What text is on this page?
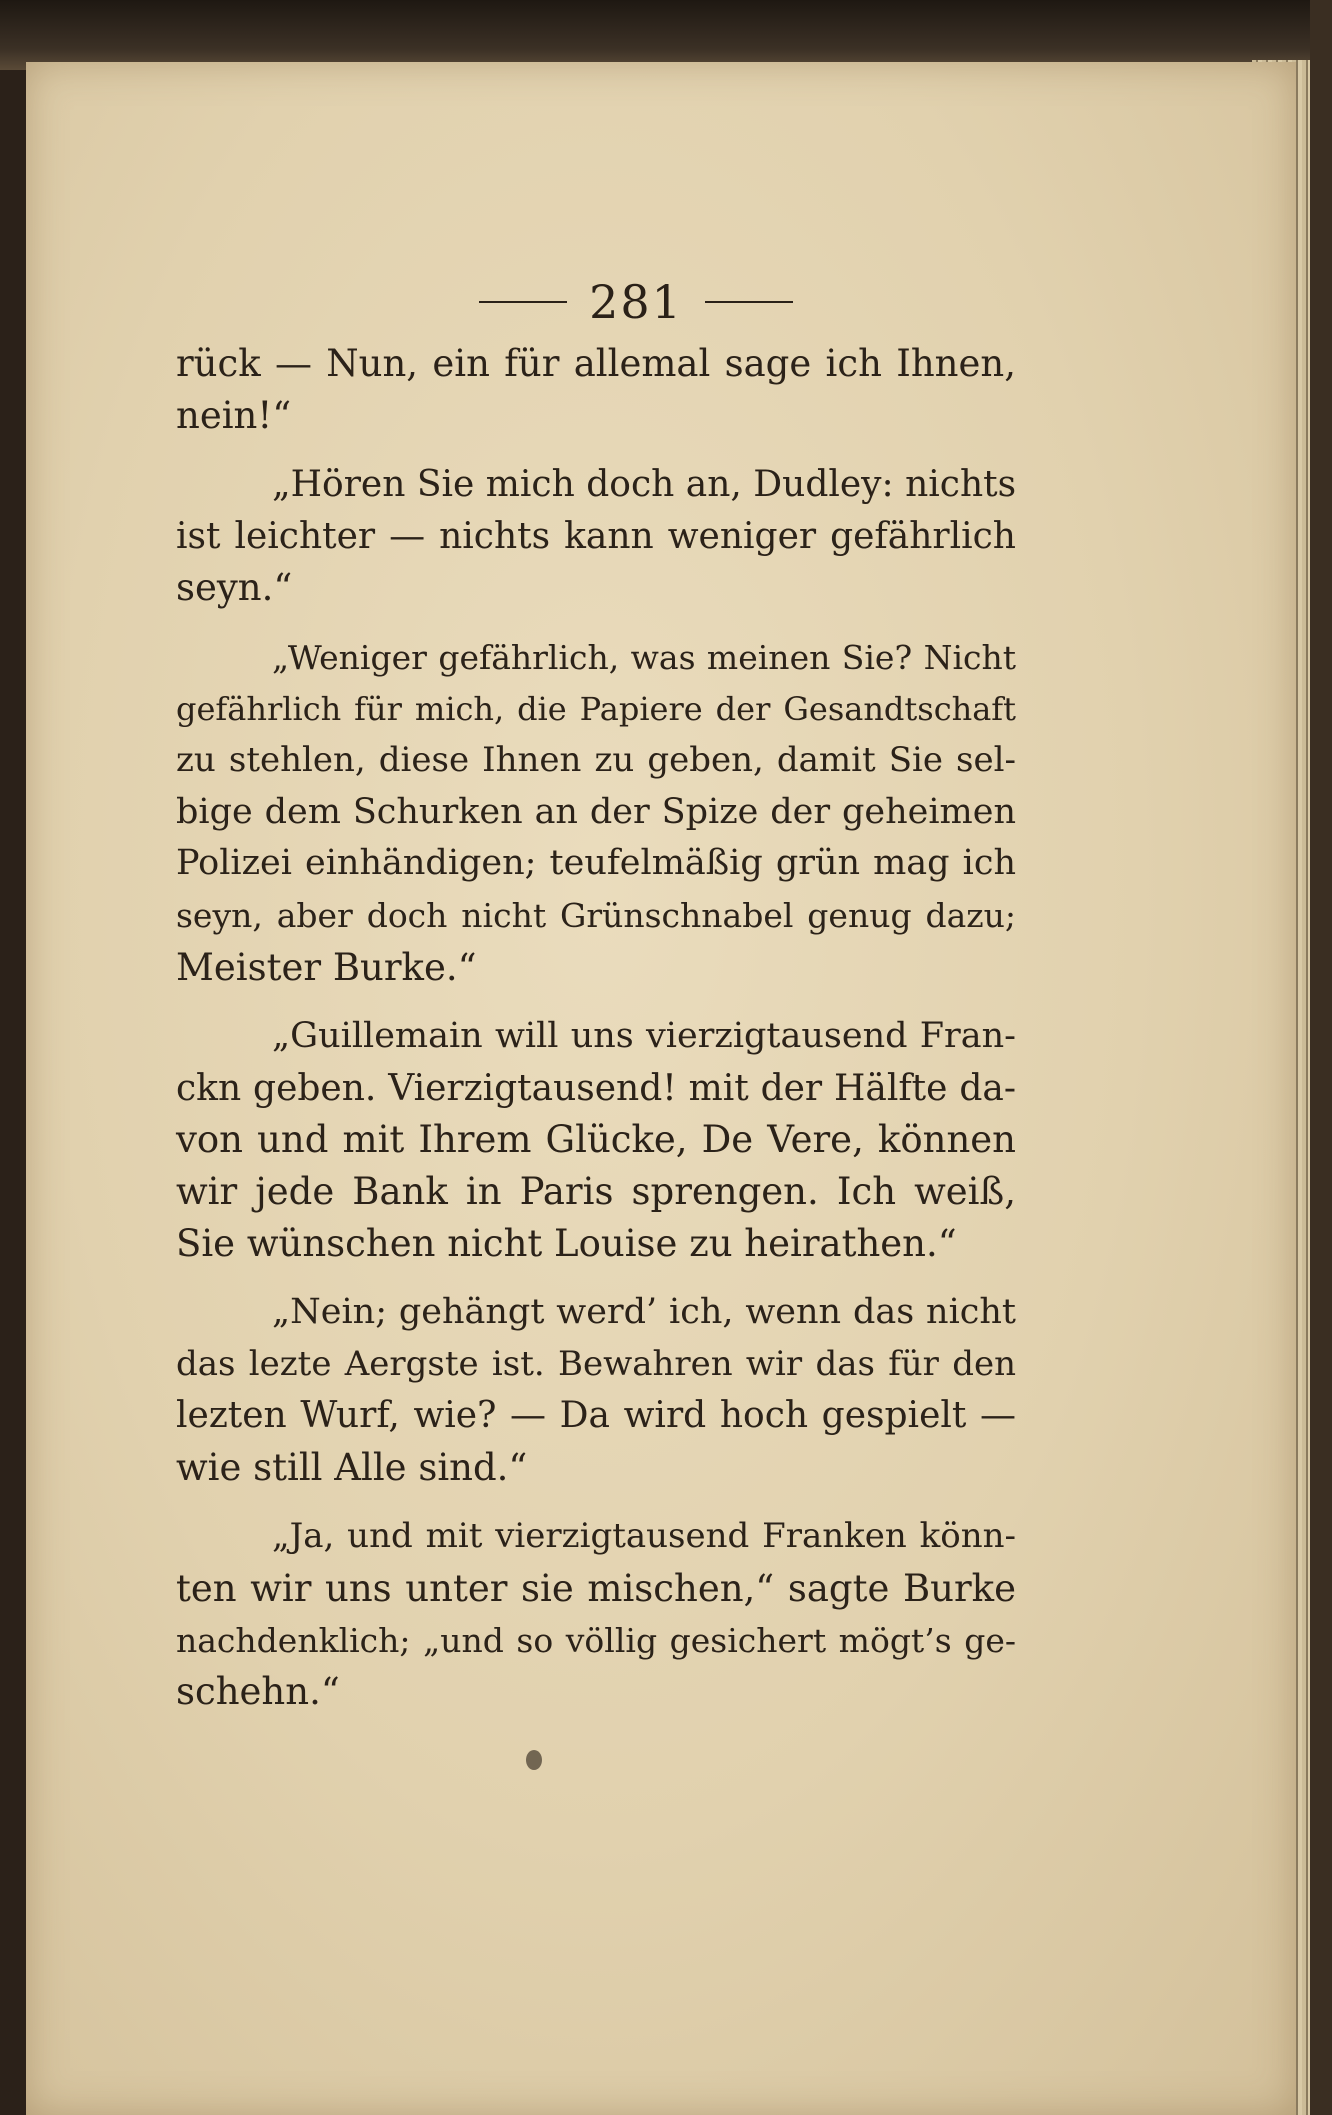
281
rück — Nun, ein für allemal sage ich Ihnen,
nein!“
„Hören Sie mich doch an, Dudley: nichts
ist leichter — nichts kann weniger gefährlich
seyn.“
„Weniger gefährlich, was meinen Sie? Nicht
gefährlich für mich, die Papiere der Gesandtschaft
zu stehlen, diese Ihnen zu geben, damit Sie sel-
bige dem Schurken an der Spize der geheimen
Polizei einhändigen; teufelmäßig grün mag ich
seyn, aber doch nicht Grünschnabel genug dazu;
Meister Burke.“
„Guillemain will uns vierzigtausend Fran-
ckn geben. Vierzigtausend! mit der Hälfte da-
von und mit Ihrem Glücke, De Vere, können
wir jede Bank in Paris sprengen. Ich weiß,
Sie wünschen nicht Louise zu heirathen.“
„Nein; gehängt werd’ ich, wenn das nicht
das lezte Aergste ist. Bewahren wir das für den
lezten Wurf, wie? — Da wird hoch gespielt —
wie still Alle sind.“
„Ja, und mit vierzigtausend Franken könn-
ten wir uns unter sie mischen,“ sagte Burke
nachdenklich; „und so völlig gesichert mögt’s ge-
schehn.“
